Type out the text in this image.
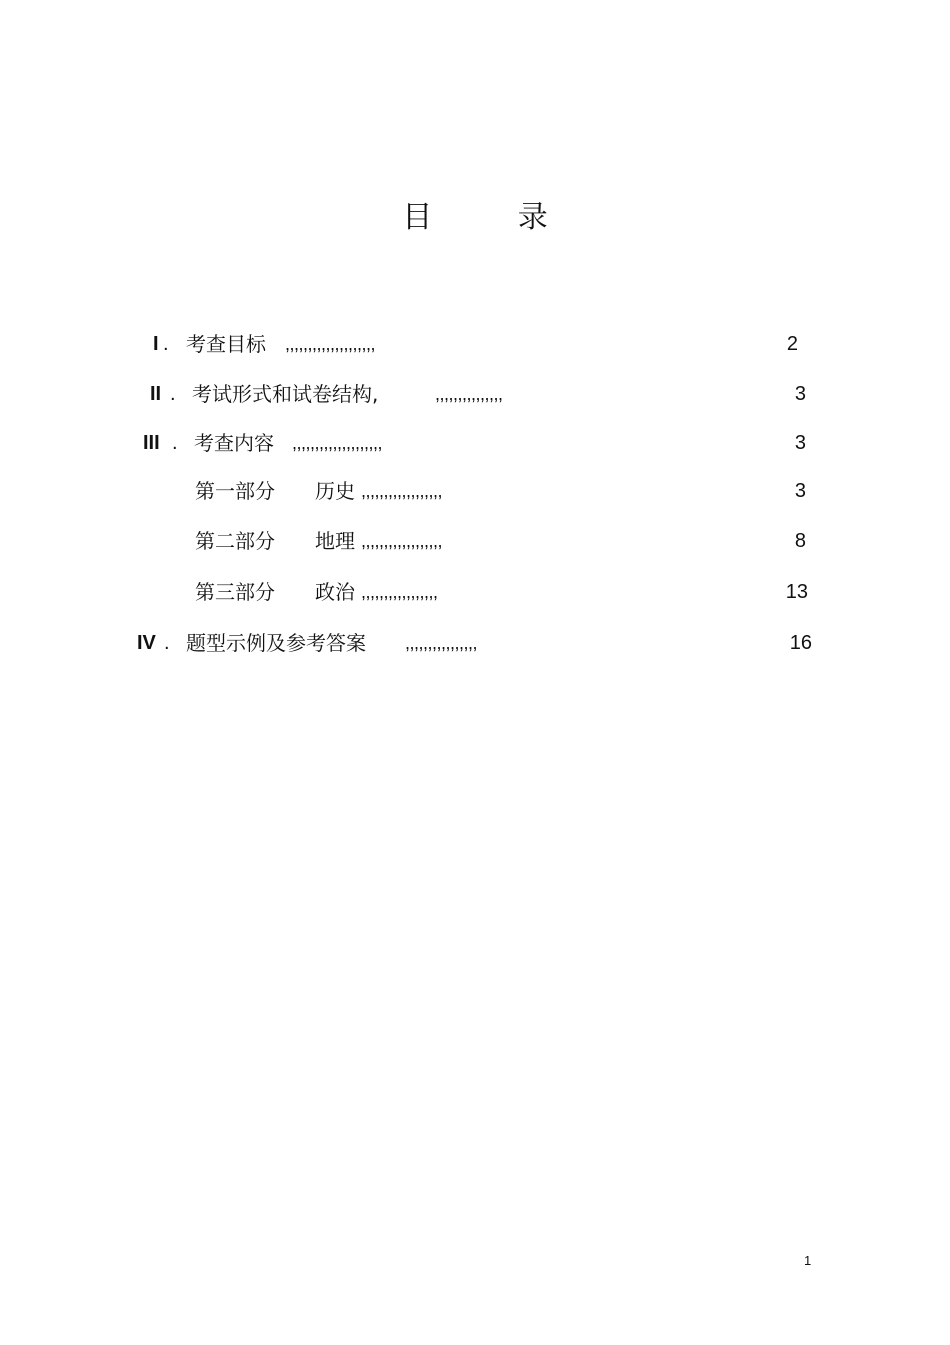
目 录
I . 考查目标 ,,,,,,,,,,,,,,,,,,,,	2
II . 考试形式和试卷结构,	,,,,,,,,,,,,,,,	3
III . 考查内容 ,,,,,,,,,,,,,,,,,,,,	3
第一部分 历史 ,,,,,,,,,,,,,,,,,,	3
第二部分 地理 ,,,,,,,,,,,,,,,,,,	8
第三部分 政治 ,,,,,,,,,,,,,,,,,	13
IV . 题型示例及参考答案 ,,,,,,,,,,,,,,,,	16
1
